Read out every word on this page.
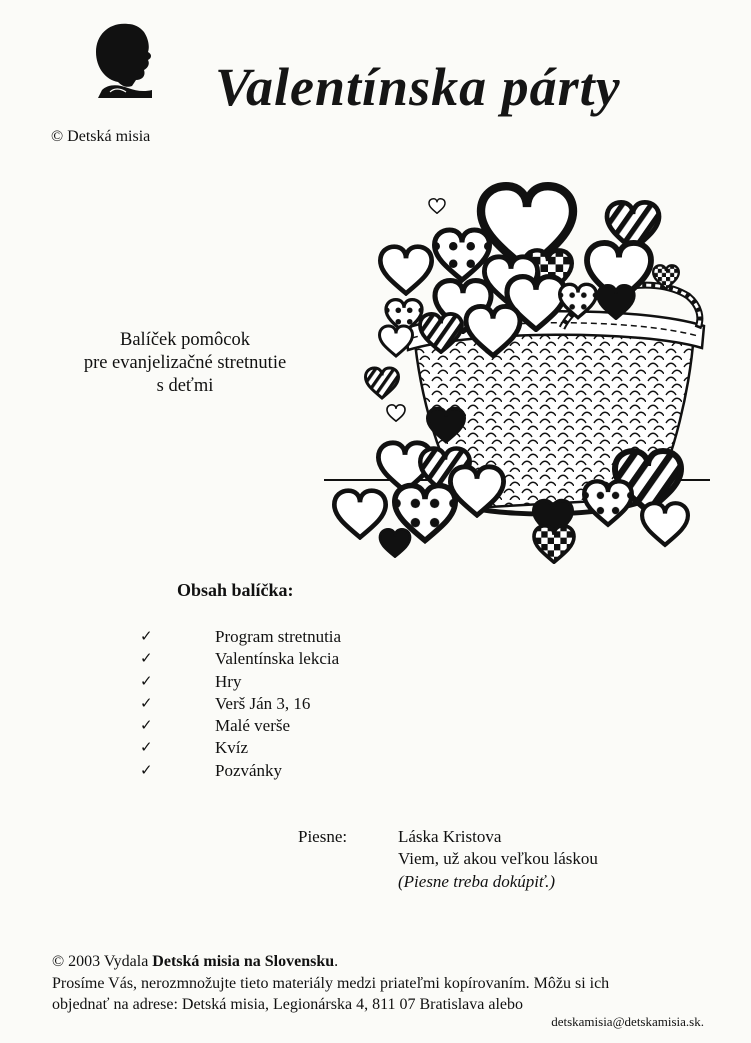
© Detská misia
Valentínska párty
Balíček pomôcok
pre evanjelizačné stretnutie
s deťmi
Obsah balíčka:
✓	Program stretnutia
✓	Valentínska lekcia
✓	Hry
✓	Verš Ján 3, 16
✓	Malé verše
✓	Kvíz
✓	Pozvánky
Piesne:	Láska Kristova
Viem, už akou veľkou láskou
(Piesne treba dokúpiť.)
© 2003 Vydala Detská misia na Slovensku.
Prosíme Vás, nerozmnožujte tieto materiály medzi priateľmi kopírovaním. Môžu si ich
objednať na adrese: Detská misia, Legionárska 4, 811 07 Bratislava alebo
detskamisia@detskamisia.sk.
